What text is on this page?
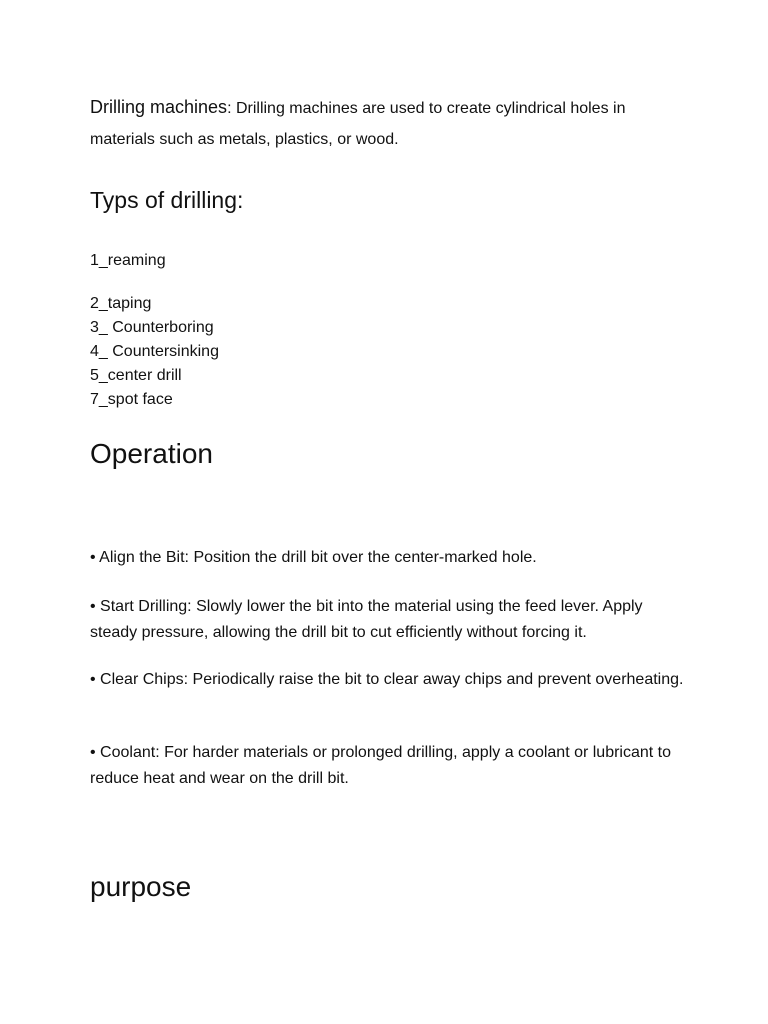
Drilling machines: Drilling machines are used to create cylindrical holes in materials such as metals, plastics, or wood.

Typs of drilling:

1_reaming

2_taping
3_ Counterboring
4_ Countersinking
5_center drill
7_spot face
Operation

• Align the Bit: Position the drill bit over the center-marked hole.

• Start Drilling: Slowly lower the bit into the material using the feed lever. Apply steady pressure, allowing the drill bit to cut efficiently without forcing it.

• Clear Chips: Periodically raise the bit to clear away chips and prevent overheating.

• Coolant: For harder materials or prolonged drilling, apply a coolant or lubricant to reduce heat and wear on the drill bit.

purpose
